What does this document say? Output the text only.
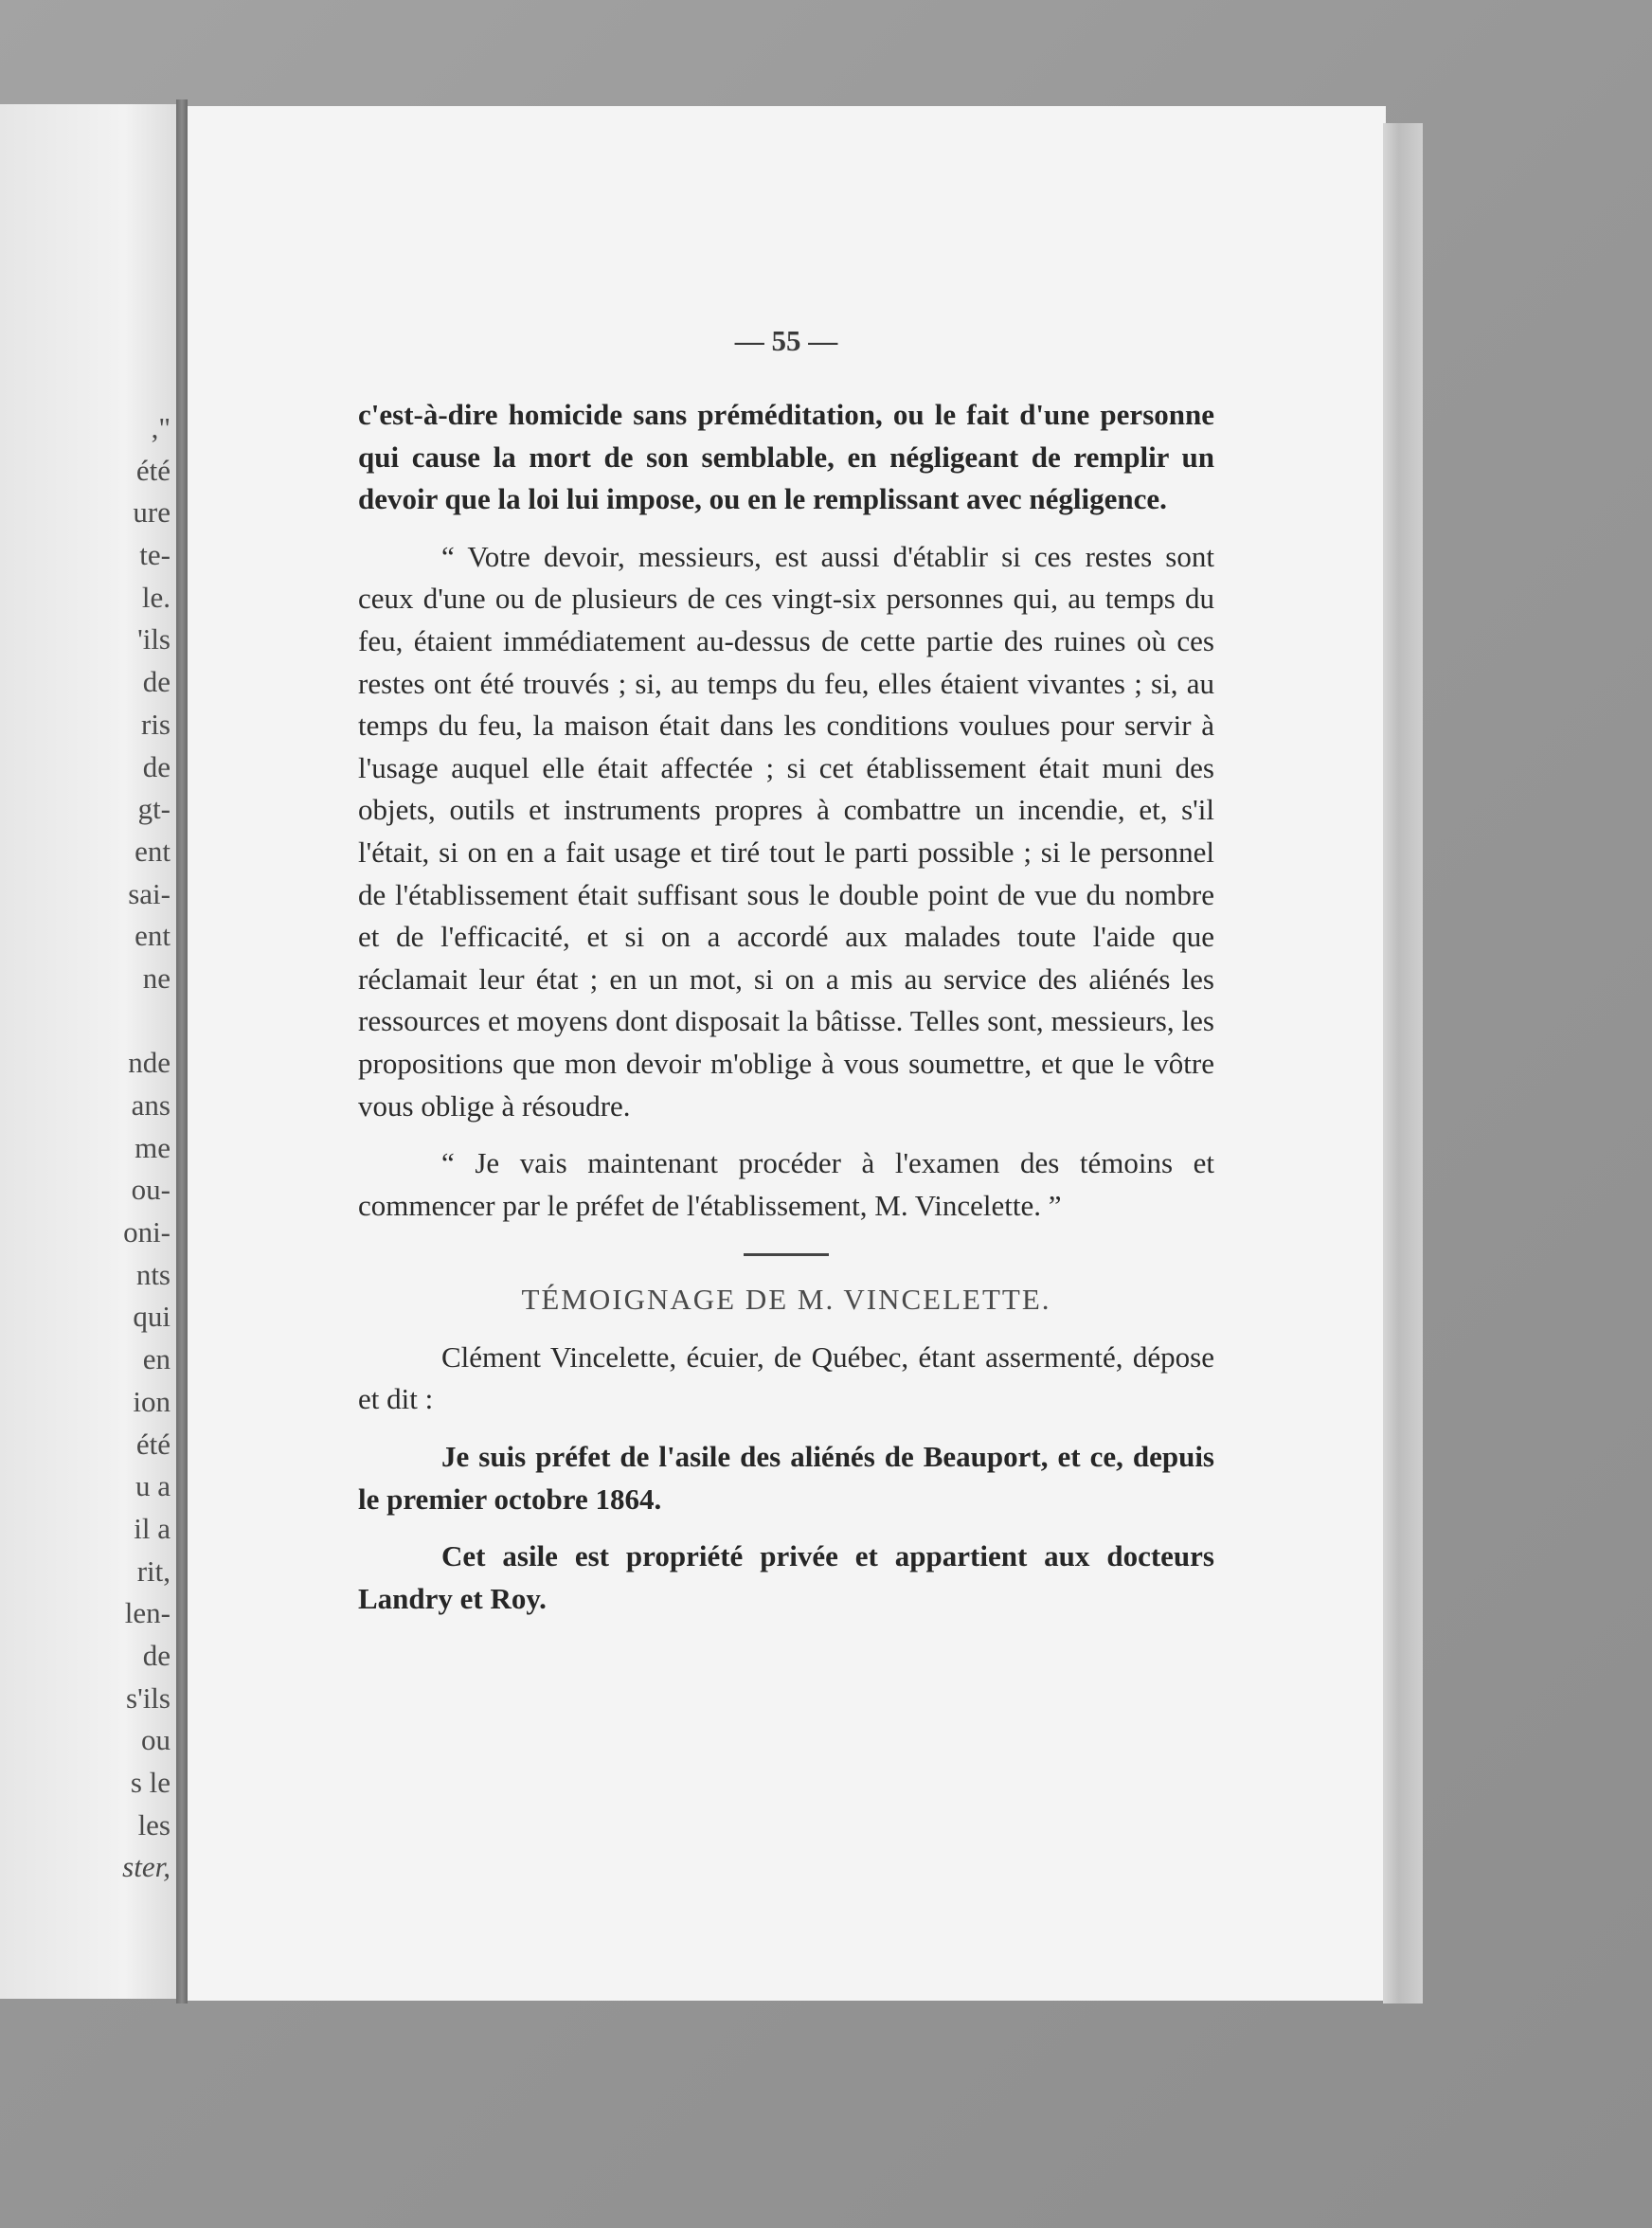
,"
été
ure
te-
le.
'ils
de
ris
de
gt-
ent
sai-
ent
ne
nde
ans
me
ou-
oni-
nts
qui
en
ion
été
u a
il a
rit,
len-
de
s'ils
ou
s le
les
ster,
— 55 —

c'est-à-dire homicide sans préméditation, ou le fait d'une personne qui cause la mort de son semblable, en négligeant de remplir un devoir que la loi lui impose, ou en le remplissant avec négligence.

“ Votre devoir, messieurs, est aussi d'établir si ces restes sont ceux d'une ou de plusieurs de ces vingt-six personnes qui, au temps du feu, étaient immédiatement au-dessus de cette partie des ruines où ces restes ont été trouvés ; si, au temps du feu, elles étaient vivantes ; si, au temps du feu, la maison était dans les conditions voulues pour servir à l'usage auquel elle était affectée ; si cet établissement était muni des objets, outils et instruments propres à combattre un incendie, et, s'il l'était, si on en a fait usage et tiré tout le parti possible ; si le personnel de l'établissement était suffisant sous le double point de vue du nombre et de l'efficacité, et si on a accordé aux malades toute l'aide que réclamait leur état ; en un mot, si on a mis au service des aliénés les ressources et moyens dont disposait la bâtisse. Telles sont, messieurs, les propositions que mon devoir m'oblige à vous soumettre, et que le vôtre vous oblige à résoudre.

“ Je vais maintenant procéder à l'examen des témoins et commencer par le préfet de l'établissement, M. Vincelette. ”

TÉMOIGNAGE DE M. VINCELETTE.

Clément Vincelette, écuier, de Québec, étant assermenté, dépose et dit :

Je suis préfet de l'asile des aliénés de Beauport, et ce, depuis le premier octobre 1864.

Cet asile est propriété privée et appartient aux docteurs Landry et Roy.
